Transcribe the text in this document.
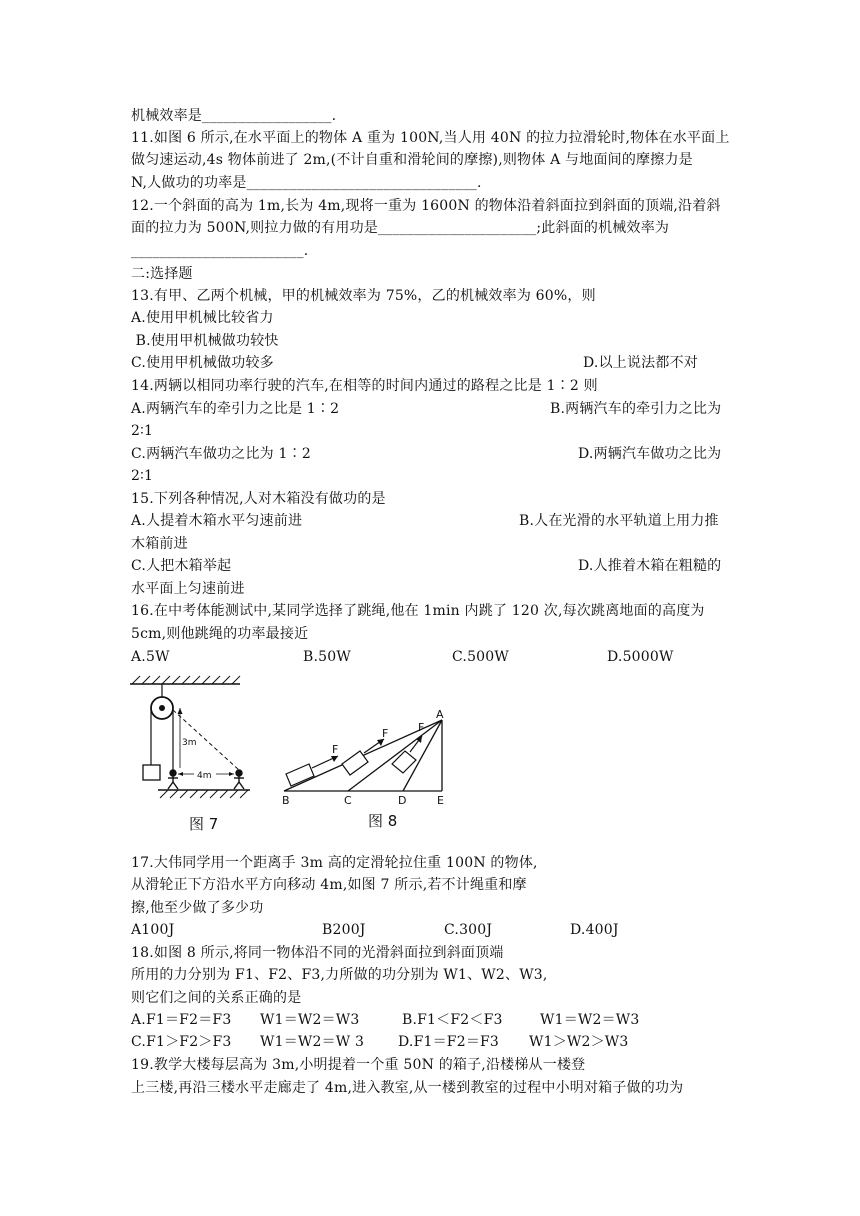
机械效率是__________________.
11.如图 6 所示,在水平面上的物体 A 重为 100N,当人用 40N 的拉力拉滑轮时,物体在水平面上
做匀速运动,4s 物体前进了 2m,(不计自重和滑轮间的摩擦),则物体 A 与地面间的摩擦力是
N,人做功的功率是________________________________.
12.一个斜面的高为 1m,长为 4m,现将一重为 1600N 的物体沿着斜面拉到斜面的顶端,沿着斜
面的拉力为 500N,则拉力做的有用功是______________________;此斜面的机械效率为
________________________.
二:选择题
13.有甲、乙两个机械，甲的机械效率为 75%，乙的机械效率为 60%，则
A.使用甲机械比较省力
B.使用甲机械做功较快
C.使用甲机械做功较多	D.以上说法都不对
14.两辆以相同功率行驶的汽车,在相等的时间内通过的路程之比是 1∶2 则
A.两辆汽车的牵引力之比是 1∶2	B.两辆汽车的牵引力之比为
2∶1
C.两辆汽车做功之比为 1∶2	D.两辆汽车做功之比为
2∶1
15.下列各种情况,人对木箱没有做功的是
A.人提着木箱水平匀速前进	B.人在光滑的水平轨道上用力推
木箱前进
C.人把木箱举起	D.人推着木箱在粗糙的
水平面上匀速前进
16.在中考体能测试中,某同学选择了跳绳,他在 1min 内跳了 120 次,每次跳离地面的高度为
5cm,则他跳绳的功率最接近
A.5W	B.50W	C.500W	D.5000W
3m
4m
图 7
F
F	F
A
B	C	D	E
图 8
17.大伟同学用一个距离手 3m 高的定滑轮拉住重 100N 的物体,
从滑轮正下方沿水平方向移动 4m,如图 7 所示,若不计绳重和摩
擦,他至少做了多少功
A100J	B200J	C.300J	D.400J
18.如图 8 所示,将同一物体沿不同的光滑斜面拉到斜面顶端
所用的力分别为 F1、F2、F3,力所做的功分别为 W1、W2、W3,
则它们之间的关系正确的是
A.F1＝F2＝F3 W1＝W2＝W3	B.F1＜F2＜F3	W1＝W2＝W3
C.F1＞F2＞F3 W1＝W2＝W 3 D.F1＝F2＝F3 W1＞W2＞W3
19.教学大楼每层高为 3m,小明提着一个重 50N 的箱子,沿楼梯从一楼登
上三楼,再沿三楼水平走廊走了 4m,进入教室,从一楼到教室的过程中小明对箱子做的功为
